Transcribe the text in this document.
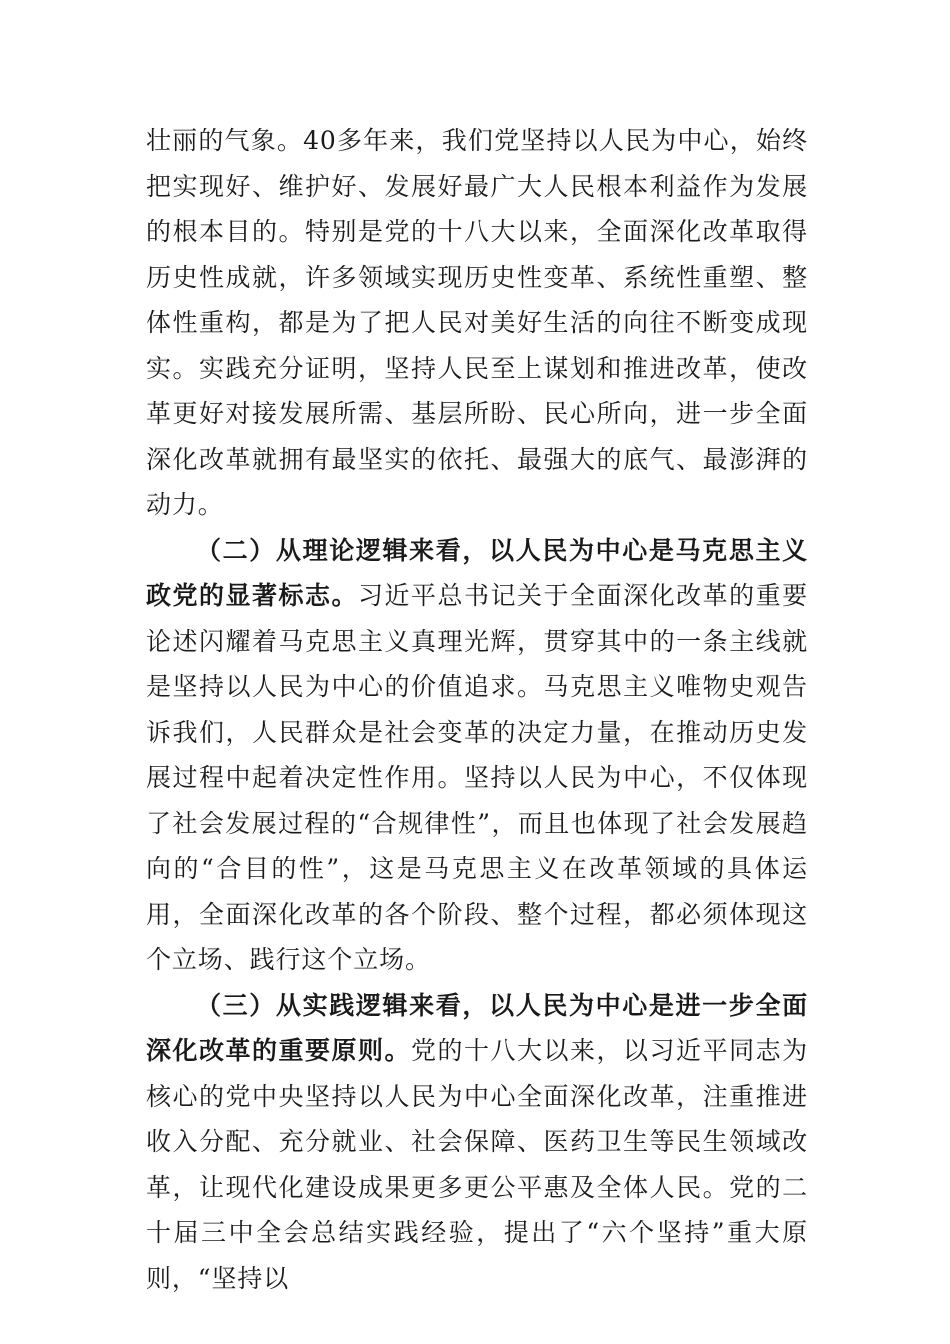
壮丽的气象。40多年来，我们党坚持以人民为中心，始终把实现好、维护好、发展好最广大人民根本利益作为发展的根本目的。特别是党的十八大以来，全面深化改革取得历史性成就，许多领域实现历史性变革、系统性重塑、整体性重构，都是为了把人民对美好生活的向往不断变成现实。实践充分证明，坚持人民至上谋划和推进改革，使改革更好对接发展所需、基层所盼、民心所向，进一步全面深化改革就拥有最坚实的依托、最强大的底气、最澎湃的动力。

（二）从理论逻辑来看，以人民为中心是马克思主义政党的显著标志。习近平总书记关于全面深化改革的重要论述闪耀着马克思主义真理光辉，贯穿其中的一条主线就是坚持以人民为中心的价值追求。马克思主义唯物史观告诉我们，人民群众是社会变革的决定力量，在推动历史发展过程中起着决定性作用。坚持以人民为中心，不仅体现了社会发展过程的“合规律性”，而且也体现了社会发展趋向的“合目的性”，这是马克思主义在改革领域的具体运用，全面深化改革的各个阶段、整个过程，都必须体现这个立场、践行这个立场。

（三）从实践逻辑来看，以人民为中心是进一步全面深化改革的重要原则。党的十八大以来，以习近平同志为核心的党中央坚持以人民为中心全面深化改革，注重推进收入分配、充分就业、社会保障、医药卫生等民生领域改革，让现代化建设成果更多更公平惠及全体人民。党的二十届三中全会总结实践经验，提出了“六个坚持”重大原则，“坚持以
